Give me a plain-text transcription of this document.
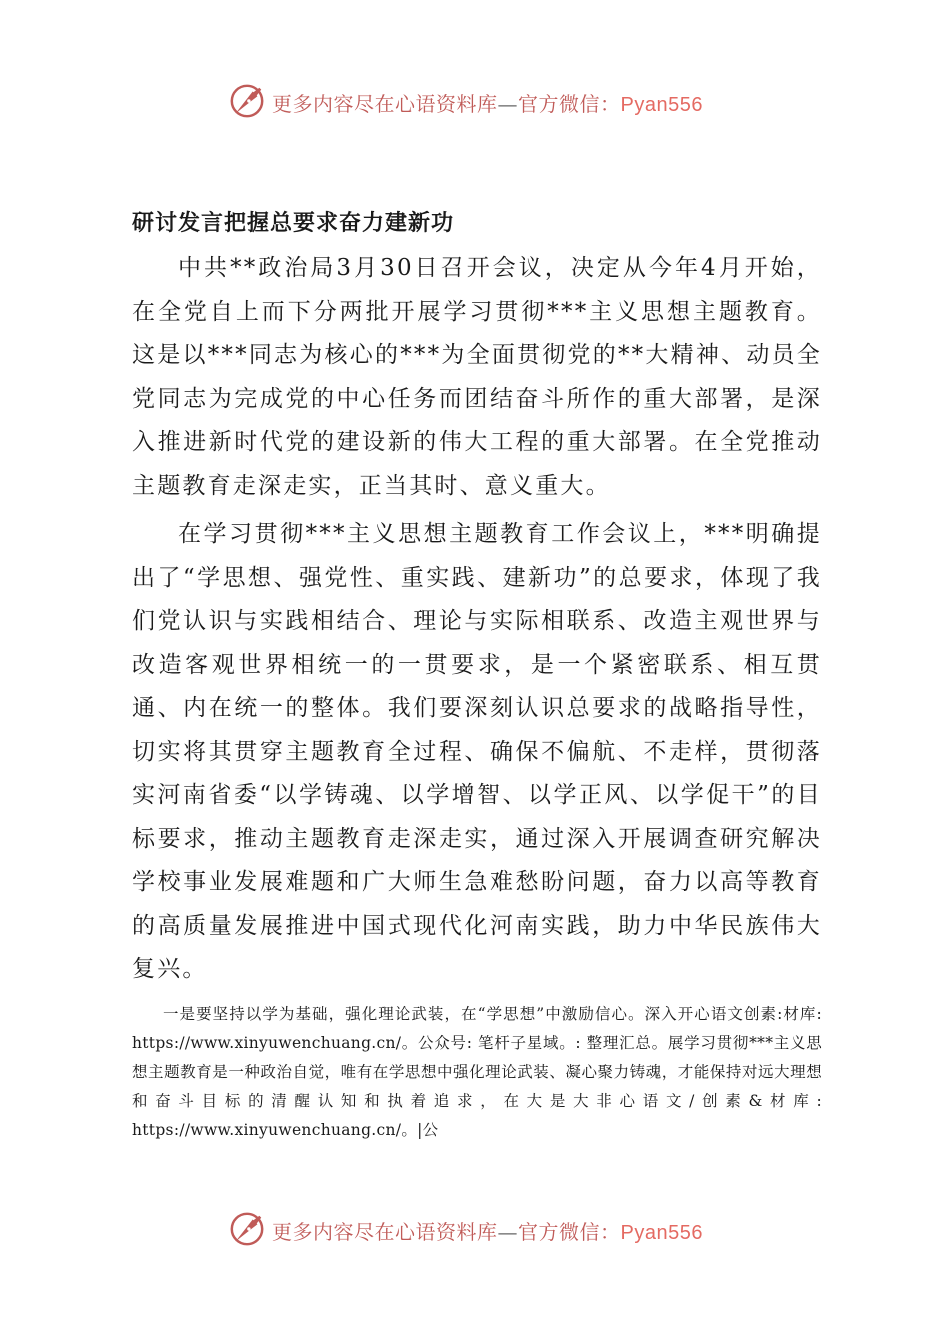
更多内容尽在心语资料库—官方微信：Pyan556
研讨发言把握总要求奋力建新功

中共**政治局3月30日召开会议，决定从今年4月开始，在全党自上而下分两批开展学习贯彻***主义思想主题教育。这是以***同志为核心的***为全面贯彻党的**大精神、动员全党同志为完成党的中心任务而团结奋斗所作的重大部署，是深入推进新时代党的建设新的伟大工程的重大部署。在全党推动主题教育走深走实，正当其时、意义重大。

在学习贯彻***主义思想主题教育工作会议上，***明确提出了“学思想、强党性、重实践、建新功”的总要求，体现了我们党认识与实践相结合、理论与实际相联系、改造主观世界与改造客观世界相统一的一贯要求，是一个紧密联系、相互贯通、内在统一的整体。我们要深刻认识总要求的战略指导性，切实将其贯穿主题教育全过程、确保不偏航、不走样，贯彻落实河南省委“以学铸魂、以学增智、以学正风、以学促干”的目标要求，推动主题教育走深走实，通过深入开展调查研究解决学校事业发展难题和广大师生急难愁盼问题，奋力以高等教育的高质量发展推进中国式现代化河南实践，助力中华民族伟大复兴。

一是要坚持以学为基础，强化理论武装，在“学思想”中激励信心。深入开心语文创素:材库: https://www.xinyuwenchuang.cn/。公众号: 笔杆子星域。: 整理汇总。展学习贯彻***主义思想主题教育是一种政治自觉，唯有在学思想中强化理论武装、凝心聚力铸魂，才能保持对远大理想和奋斗目标的清醒认知和执着追求，在大是大非心语文/创素&材库: https://www.xinyuwenchuang.cn/。|公

更多内容尽在心语资料库—官方微信：Pyan556
